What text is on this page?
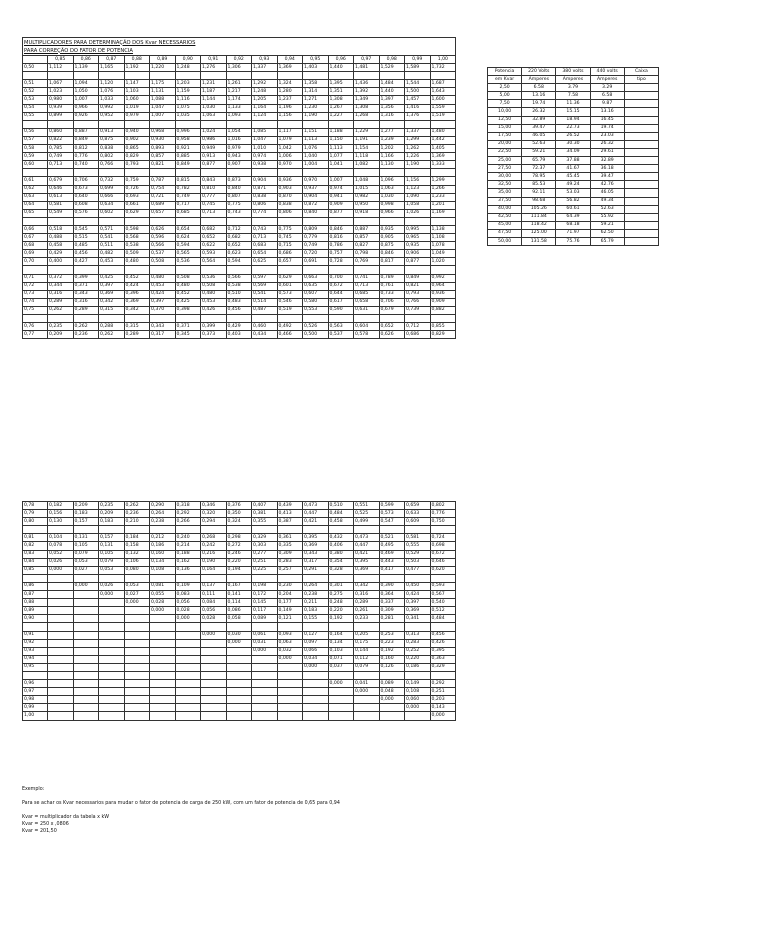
MULTIPLICADORES PARA DETERMINAÇÃO DOS Kvar NECESSARIOS
PARA CORREÇÃO DO FATOR DE POTENCIA																

	0,85	0,86	0,87	0,88	0,89	0,90	0,91	0,92	0,93	0,94	0,95	0,96	0,97	0,98	0,99	1,00
0,50	1,112	1,139	1,165	1,192	1,220	1,248	1,276	1,306	1,337	1,369	1,403	1,440	1,481	1,529	1,589	1,732

0,51	1,067	1,094	1,120	1,147	1,175	1,203	1,231	1,261	1,292	1,324	1,358	1,395	1,436	1,484	1,544	1,687
0,52	1,023	1,050	1,076	1,103	1,131	1,159	1,187	1,217	1,248	1,280	1,314	1,351	1,392	1,440	1,500	1,643
0,53	0,980	1,007	1,033	1,060	1,088	1,116	1,144	1,174	1,205	1,237	1,271	1,308	1,349	1,397	1,457	1,600
0,54	0,939	0,966	0,992	1,019	1,047	1,075	1,030	1,133	1,164	1,196	1,230	1,267	1,308	1,356	1,416	1,559
0,55	0,899	0,926	0,952	0,979	1,007	1,035	1,063	1,093	1,124	1,156	1,190	1,227	1,268	1,316	1,376	1,519

0,56	0,860	0,887	0,913	0,940	0,968	0,996	1,024	1,054	1,085	1,117	1,151	1,188	1,229	1,277	1,337	1,480
0,57	0,822	0,849	0,875	0,902	0,930	0,958	0,986	1,016	1,047	1,079	1,113	1,150	1,191	1,239	1,299	1,442
0,58	0,785	0,812	0,838	0,865	0,893	0,921	0,949	0,979	1,010	1,042	1,076	1,113	1,154	1,202	1,262	1,405
0,59	0,749	0,776	0,802	0,829	0,857	0,885	0,913	0,943	0,974	1,006	1,040	1,077	1,118	1,166	1,226	1,369
0,60	0,713	0,740	0,766	0,793	0,821	0,849	0,877	0,907	0,938	0,970	1,004	1,041	1,082	1,130	1,190	1,333

0,61	0,679	0,706	0,732	0,759	0,787	0,815	0,843	0,873	0,904	0,936	0,970	1,007	1,048	1,096	1,156	1,299
0,62	0,646	0,673	0,699	0,726	0,754	0,782	0,810	0,840	0,871	0,903	0,937	0,974	1,015	1,063	1,123	1,266
0,63	0,613	0,640	0,666	0,693	0,721	0,749	0,777	0,807	0,838	0,870	0,904	0,941	0,982	1,030	1,090	1,233
0,64	0,581	0,608	0,634	0,661	0,689	0,717	0,745	0,775	0,806	0,838	0,872	0,909	0,950	0,998	1,058	1,201
0,65	0,549	0,576	0,602	0,629	0,657	0,685	0,713	0,743	0,774	0,806	0,840	0,877	0,918	0,966	1,026	1,169

0,66	0,518	0,545	0,571	0,598	0,626	0,654	0,682	0,712	0,743	0,775	0,809	0,846	0,887	0,935	0,995	1,138
0,67	0,488	0,515	0,541	0,568	0,596	0,624	0,652	0,682	0,713	0,745	0,779	0,816	0,857	0,905	0,965	1,108
0,68	0,458	0,485	0,511	0,538	0,566	0,594	0,622	0,652	0,683	0,715	0,749	0,786	0,827	0,875	0,935	1,078
0,69	0,429	0,456	0,482	0,509	0,537	0,565	0,593	0,623	0,654	0,686	0,720	0,757	0,798	0,846	0,906	1,049
0,70	0,400	0,427	0,453	0,480	0,508	0,536	0,564	0,594	0,625	0,657	0,691	0,728	0,769	0,817	0,877	1,020

0,71	0,372	0,399	0,425	0,452	0,480	0,508	0,536	0,566	0,597	0,629	0,663	0,700	0,741	0,789	0,849	0,992
0,72	0,344	0,371	0,397	0,424	0,453	0,480	0,508	0,538	0,569	0,601	0,635	0,672	0,713	0,761	0,821	0,964
0,73	0,316	0,343	0,369	0,396	0,424	0,452	0,480	0,510	0,541	0,573	0,607	0,644	0,685	0,733	0,793	0,936
0,74	0,289	0,316	0,342	0,369	0,397	0,425	0,453	0,483	0,514	0,546	0,580	0,617	0,658	0,706	0,766	0,909
0,75	0,262	0,289	0,315	0,342	0,370	0,398	0,426	0,456	0,487	0,519	0,553	0,590	0,631	0,679	0,739	0,882

0,76	0,235	0,262	0,288	0,315	0,343	0,371	0,399	0,429	0,460	0,492	0,526	0,563	0,604	0,652	0,712	0,855
0,77	0,209	0,236	0,262	0,289	0,317	0,345	0,373	0,403	0,434	0,466	0,500	0,537	0,578	0,626	0,686	0,829
0,78	0,182	0,209	0,235	0,262	0,290	0,318	0,346	0,376	0,407	0,439	0,473	0,510	0,551	0,599	0,659	0,802
0,79	0,156	0,183	0,209	0,236	0,264	0,292	0,320	0,350	0,381	0,413	0,447	0,484	0,525	0,573	0,633	0,776
0,80	0,130	0,157	0,183	0,210	0,238	0,266	0,294	0,324	0,355	0,387	0,421	0,458	0,499	0,547	0,609	0,750

0,81	0,104	0,131	0,157	0,184	0,212	0,240	0,268	0,298	0,329	0,361	0,395	0,432	0,473	0,521	0,581	0,724
0,82	0,078	0,105	0,131	0,158	0,186	0,214	0,242	0,272	0,303	0,335	0,369	0,406	0,447	0,495	0,555	0,698
0,83	0,052	0,079	0,105	0,132	0,160	0,188	0,216	0,246	0,277	0,309	0,343	0,380	0,421	0,469	0,529	0,672
0,84	0,026	0,053	0,079	0,106	0,134	0,162	0,190	0,220	0,251	0,283	0,317	0,354	0,395	0,443	0,503	0,646
0,85	0,000	0,027	0,053	0,080	0,108	0,136	0,164	0,194	0,225	0,257	0,291	0,328	0,369	0,417	0,477	0,620

0,86		0,000	0,026	0,053	0,081	0,109	0,137	0,167	0,198	0,230	0,264	0,301	0,342	0,390	0,450	0,593
0,87			0,000	0,027	0,055	0,083	0,111	0,141	0,172	0,204	0,238	0,275	0,316	0,364	0,424	0,567
0,88				0,000	0,028	0,056	0,084	0,114	0,145	0,177	0,211	0,248	0,289	0,337	0,397	0,540
0,89					0,000	0,028	0,056	0,086	0,117	0,149	0,183	0,220	0,261	0,309	0,369	0,512
0,90						0,000	0,028	0,058	0,089	0,121	0,155	0,192	0,233	0,281	0,341	0,484

0,91							0,000	0,030	0,061	0,093	0,127	0,164	0,205	0,253	0,313	0,456
0,92								0,000	0,031	0,063	0,097	0,134	0,175	0,223	0,283	0,426
0,93									0,000	0,032	0,066	0,103	0,144	0,192	0,252	0,395
0,94										0,000	0,034	0,071	0,112	0,160	0,220	0,363
0,95											0,000	0,037	0,079	0,126	0,186	0,329

0,96												0,000	0,041	0,089	0,149	0,292
0,97													0,000	0,048	0,108	0,251
0,98														0,000	0,060	0,203
0,99															0,000	0,143
1,00																0,000
Potencia	220 Volts	380 volts	440 volts	Caixa
em Kvar	Amperes	Amperes	Amperes	tipo
2,50	6.58	3.79	3.29	
5,00	13.16	7.58	6.58	
7,50	19.74	11.36	9.87	
10,00	26.32	15.15	13.16	
12,50	32.89	18.94	16.45	
15,00	39.47	22.73	19.74	
17,50	46.05	26.52	23.03	
20,00	52.63	30.30	26.32	
22,50	59.21	34.09	29.61	
25,00	65.79	37.88	32.89	
27,50	72.37	41.67	36.18	
30,00	78.95	45.45	39.47	
32,50	85.53	49.24	42.76	
35,00	92.11	53.03	46.05	
37,50	98.68	56.82	49.34	
40,00	105.26	60.61	52.63	
42,50	111.84	64.39	55.92	
45,00	118.42	68.18	59.21	
47,50	125.00	71.97	62.50	
50,00	131.58	75.76	65.79	

Exemplo:

Para se achar os Kvar necessarios para mudar o fator de potencia de carga de 250 kW, com um fator de potencia de 0,65 para 0,94

Kvar = multiplicador da tabela x kW

Kvar = 250 x ,0806

Kvar = 201,50
